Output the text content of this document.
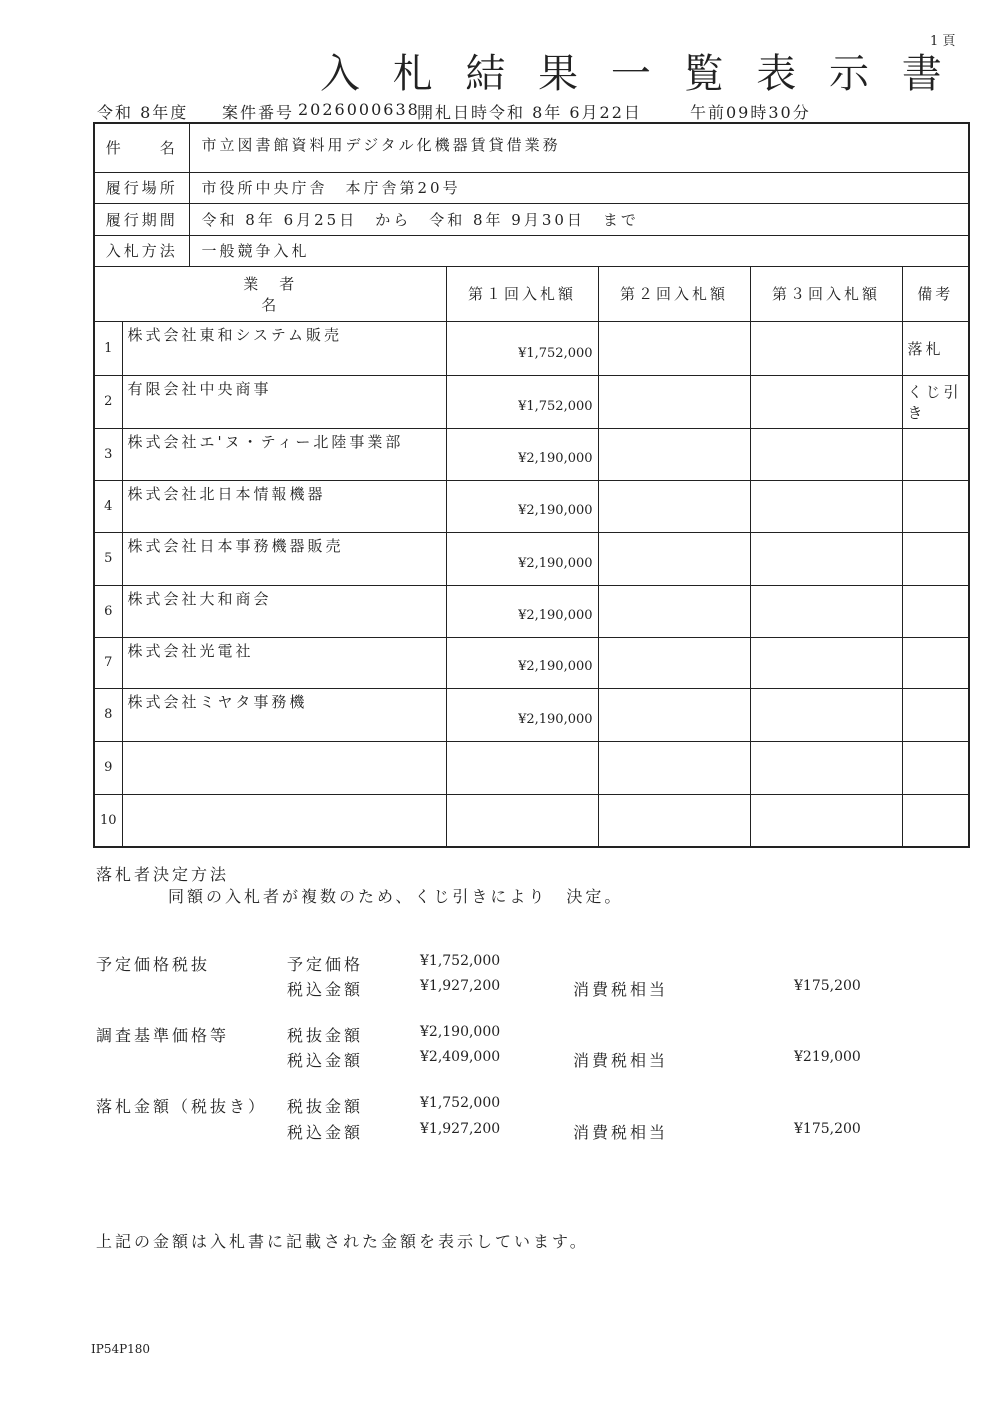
1 頁
入 札 結 果 一 覧 表 示 書
令和 8年度 案件番号 2026000638
開札日時 令和 8年 6月22日	午前09時30分
件　　名		市立図書館資料用デジタル化機器賃貸借業務				
履行場所		市役所中央庁舎　本庁舎第20号				
履行期間		令和 8年 6月25日　から　令和 8年 9月30日　まで				
入札方法		一般競争入札				

業　者
名			第１回入札額	第２回入札額	第３回入札額	備考
1	株式会社東和システム販売		¥1,752,000			落札
2	有限会社中央商事		¥1,752,000			くじ引き
3	株式会社エ'ヌ・ティー北陸事業部		¥2,190,000			
4	株式会社北日本情報機器		¥2,190,000			
5	株式会社日本事務機器販売		¥2,190,000			
6	株式会社大和商会		¥2,190,000			
7	株式会社光電社		¥2,190,000			
8	株式会社ミヤタ事務機		¥2,190,000			
9						
10						
落札者決定方法
同額の入札者が複数のため、くじ引きにより　決定。
予定価格税抜	予定価格	¥1,752,000
税込金額	¥1,927,200	消費税相当	¥175,200
調査基準価格等	税抜金額	¥2,190,000
税込金額	¥2,409,000	消費税相当	¥219,000
落札金額（税抜き） 税抜金額	¥1,752,000
税込金額	¥1,927,200	消費税相当	¥175,200
上記の金額は入札書に記載された金額を表示しています。
IP54P180
